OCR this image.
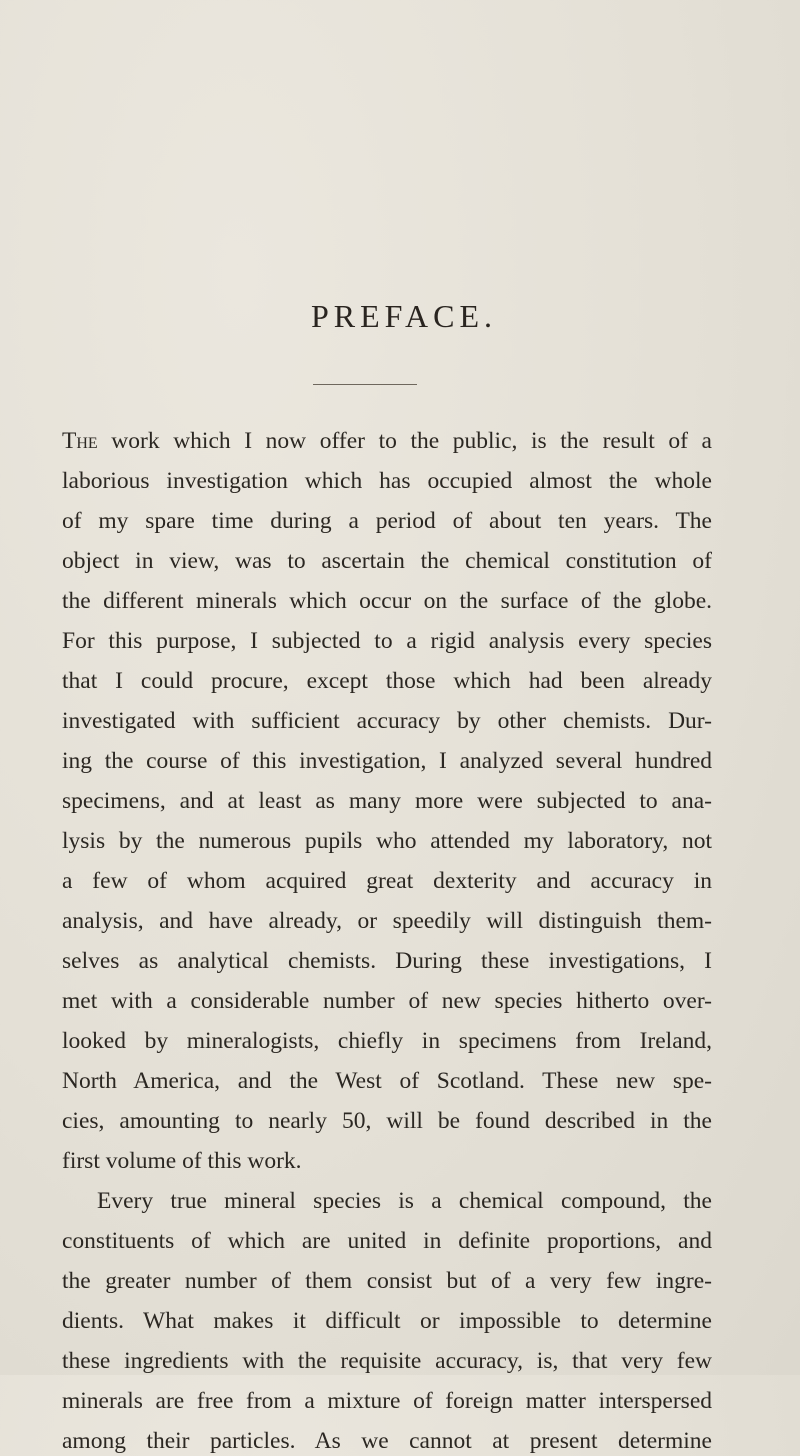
PREFACE.
The work which I now offer to the public, is the result of a
laborious investigation which has occupied almost the whole
of my spare time during a period of about ten years. The
object in view, was to ascertain the chemical constitution of
the different minerals which occur on the surface of the globe.
For this purpose, I subjected to a rigid analysis every species
that I could procure, except those which had been already
investigated with sufficient accuracy by other chemists. Dur-
ing the course of this investigation, I analyzed several hundred
specimens, and at least as many more were subjected to ana-
lysis by the numerous pupils who attended my laboratory, not
a few of whom acquired great dexterity and accuracy in
analysis, and have already, or speedily will distinguish them-
selves as analytical chemists. During these investigations, I
met with a considerable number of new species hitherto over-
looked by mineralogists, chiefly in specimens from Ireland,
North America, and the West of Scotland. These new spe-
cies, amounting to nearly 50, will be found described in the
first volume of this work.
Every true mineral species is a chemical compound, the
constituents of which are united in definite proportions, and
the greater number of them consist but of a very few ingre-
dients. What makes it difficult or impossible to determine
these ingredients with the requisite accuracy, is, that very few
minerals are free from a mixture of foreign matter interspersed
among their particles. As we cannot at present determine
